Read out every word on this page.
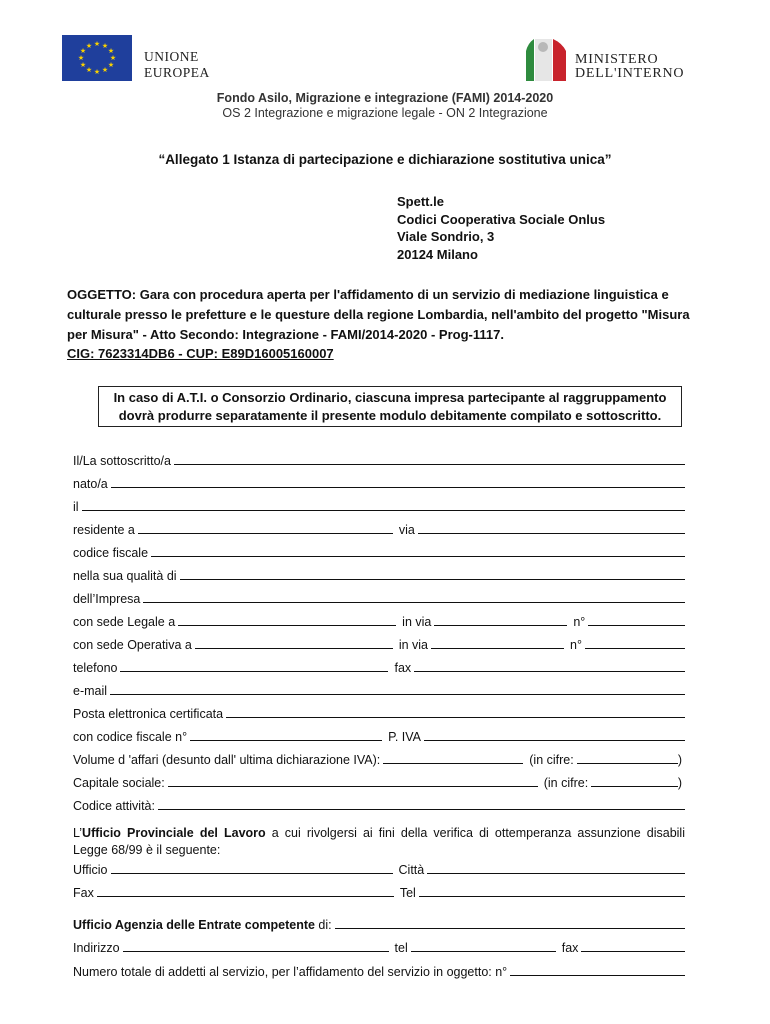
★ ★
★
★
★
★
★
★
★
★
★
★
UNIONE
EUROPEA
MINISTERO
DELL'INTERNO
Fondo Asilo, Migrazione e integrazione (FAMI) 2014-2020
OS 2 Integrazione e migrazione legale - ON 2 Integrazione
“Allegato 1 Istanza di partecipazione e dichiarazione sostitutiva unica”
Spett.le
Codici Cooperativa Sociale Onlus
Viale Sondrio, 3
20124 Milano
OGGETTO: Gara con procedura aperta per l'affidamento di un servizio di mediazione linguistica e culturale presso le prefetture e le questure della regione Lombardia, nell'ambito del progetto "Misura per Misura" - Atto Secondo: Integrazione - FAMI/2014-2020 - Prog-1117.
CIG: 7623314DB6 - CUP: E89D16005160007
In caso di A.T.I. o Consorzio Ordinario, ciascuna impresa partecipante al raggruppamento dovrà produrre separatamente il presente modulo debitamente compilato e sottoscritto.
Il/La sottoscritto/a
nato/a
il
residente a	via
codice fiscale
nella sua qualità di
dell’Impresa
con sede Legale a	in via	n°
con sede Operativa a	in via	n°
telefono	fax
e-mail
Posta elettronica certificata
con codice fiscale n°	P. IVA
Volume d 'affari (desunto dall' ultima dichiarazione IVA):	(in cifre:	)
Capitale sociale:	(in cifre:	)
Codice attività:
L’Ufficio Provinciale del Lavoro a cui rivolgersi ai fini della verifica di ottemperanza assunzione disabili Legge 68/99 è il seguente:
Ufficio	Città
Fax	Tel
Ufficio Agenzia delle Entrate competente di:
Indirizzo	tel	fax
Numero totale di addetti al servizio, per l’affidamento del servizio in oggetto: n°
